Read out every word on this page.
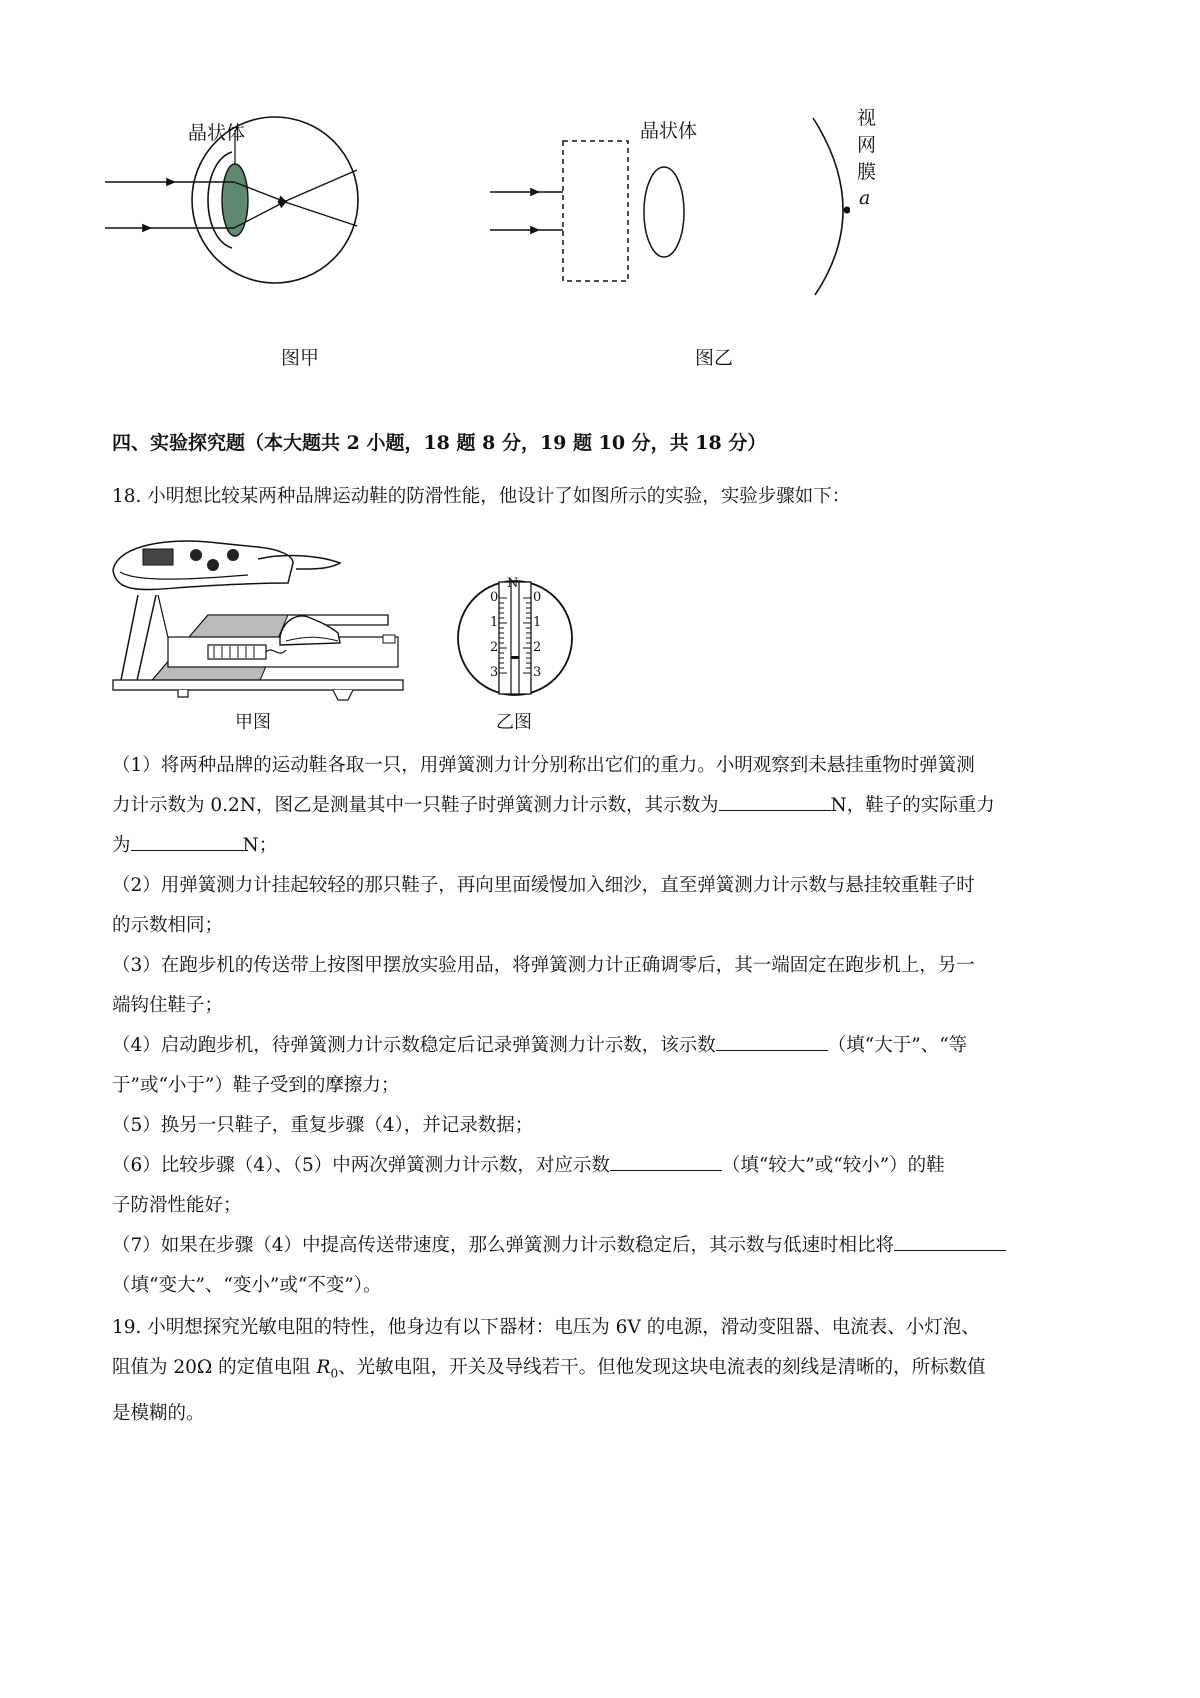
晶状体
图甲
晶状体
视
网
膜
a
图乙
四、实验探究题（本大题共 2 小题，18 题 8 分，19 题 10 分，共 18 分）
18. 小明想比较某两种品牌运动鞋的防滑性能，他设计了如图所示的实验，实验步骤如下：
甲图
N
0
1
2
3
0
1
2
3
乙图

（1）将两种品牌的运动鞋各取一只，用弹簧测力计分别称出它们的重力。小明观察到未悬挂重物时弹簧测

力计示数为 0.2N，图乙是测量其中一只鞋子时弹簧测力计示数，其示数为	N，鞋子的实际重力

为	N；

（2）用弹簧测力计挂起较轻的那只鞋子，再向里面缓慢加入细沙，直至弹簧测力计示数与悬挂较重鞋子时

的示数相同；

（3）在跑步机的传送带上按图甲摆放实验用品，将弹簧测力计正确调零后，其一端固定在跑步机上，另一

端钩住鞋子；

（4）启动跑步机，待弹簧测力计示数稳定后记录弹簧测力计示数，该示数	（填“大于”、“等

于”或“小于”）鞋子受到的摩擦力；

（5）换另一只鞋子，重复步骤（4），并记录数据；

（6）比较步骤（4）、（5）中两次弹簧测力计示数，对应示数	（填“较大”或“较小”）的鞋

子防滑性能好；

（7）如果在步骤（4）中提高传送带速度，那么弹簧测力计示数稳定后，其示数与低速时相比将

（填“变大”、“变小”或“不变”）。

19. 小明想探究光敏电阻的特性，他身边有以下器材：电压为 6V 的电源，滑动变阻器、电流表、小灯泡、

阻值为 20Ω 的定值电阻 $R_0$、光敏电阻，开关及导线若干。但他发现这块电流表的刻线是清晰的，所标数值

是模糊的。
